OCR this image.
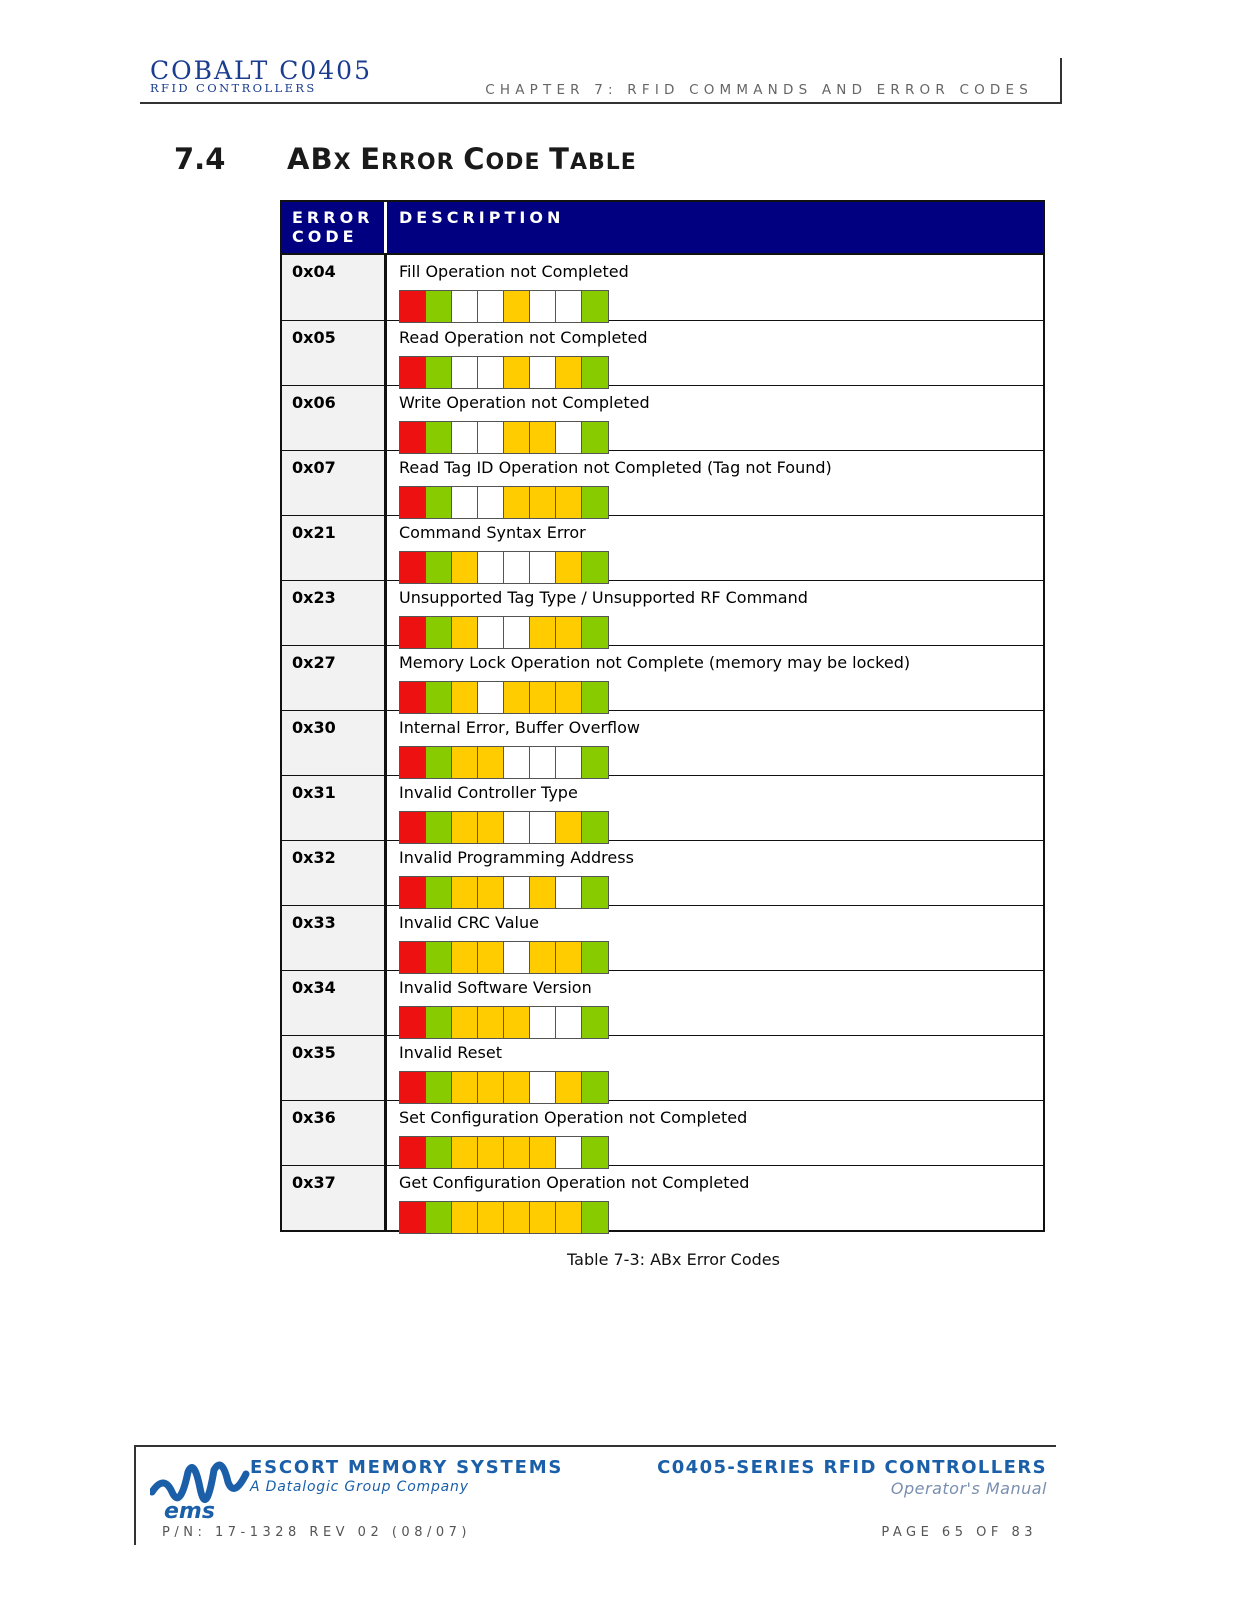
COBALT C0405
RFID CONTROLLERS	CHAPTER 7: RFID COMMANDS AND ERROR CODES
7.4 ABX ERROR CODE TABLE
ERROR CODE
DESCRIPTION
0x04	Fill Operation not Completed
0x05	Read Operation not Completed
0x06	Write Operation not Completed
0x07	Read Tag ID Operation not Completed (Tag not Found)
0x21	Command Syntax Error
0x23	Unsupported Tag Type / Unsupported RF Command
0x27	Memory Lock Operation not Complete (memory may be locked)
0x30	Internal Error, Buffer Overflow
0x31	Invalid Controller Type
0x32	Invalid Programming Address
0x33	Invalid CRC Value
0x34	Invalid Software Version
0x35	Invalid Reset
0x36	Set Configuration Operation not Completed
0x37	Get Configuration Operation not Completed
Table 7-3: ABx Error Codes
ems
ESCORT MEMORY SYSTEMS
A Datalogic Group Company
C0405-SERIES RFID CONTROLLERS
Operator's Manual
P/N: 17-1328 REV 02 (08/07)	PAGE 65 OF 83
